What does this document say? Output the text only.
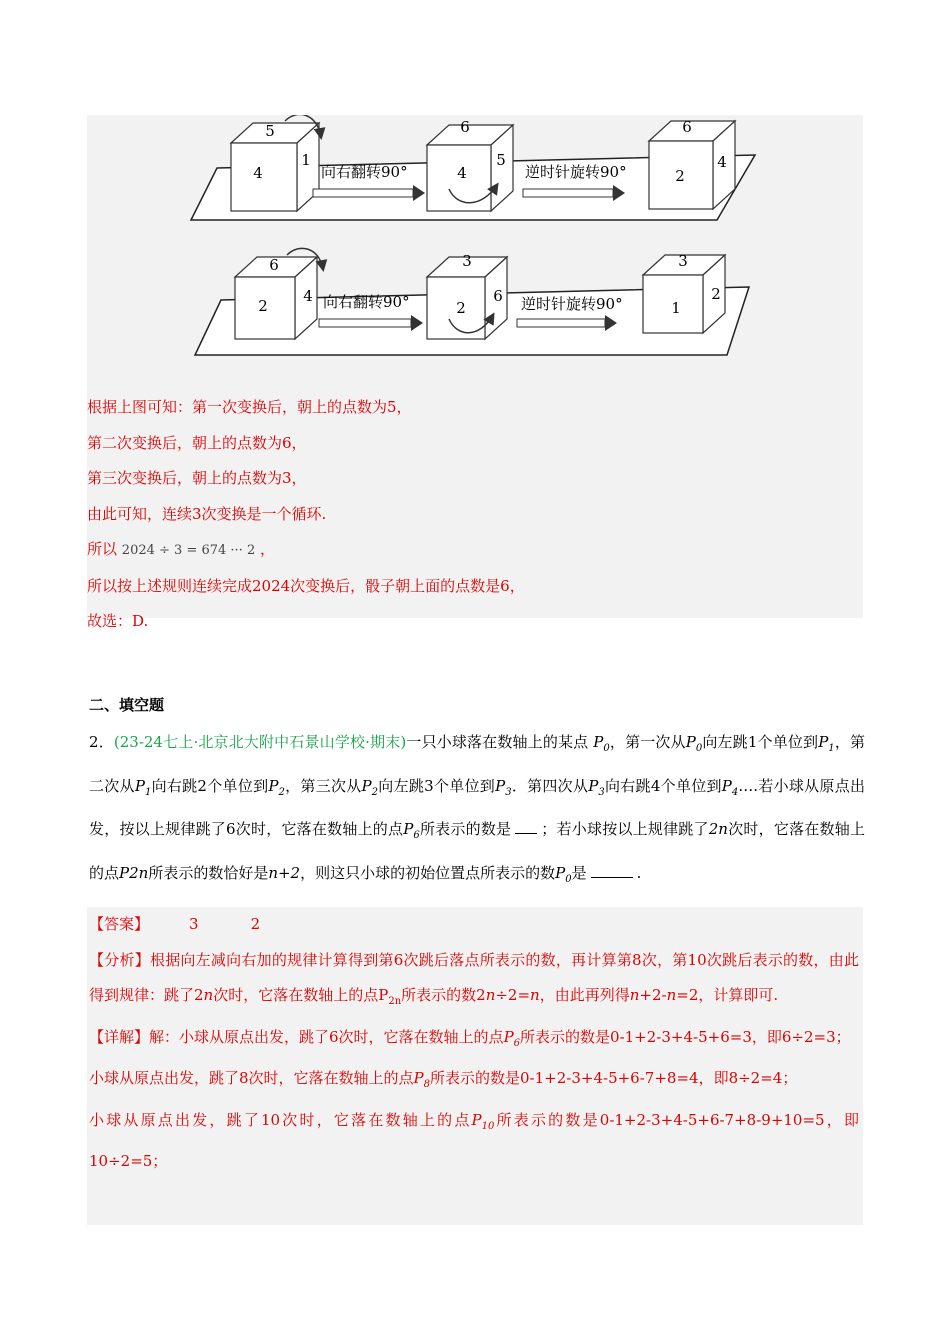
5
4
1
向右翻转90°
6
4
5
逆时针旋转90°
6
2
4
6
2
4 向右翻转90°
3
2
6 逆时针旋转90°
3
1
2
根据上图可知：第一次变换后，朝上的点数为5，
第二次变换后，朝上的点数为6，
第三次变换后，朝上的点数为3，
由此可知，连续3次变换是一个循环.
所以 2024 ÷ 3 = 674 ··· 2 ，
所以按上述规则连续完成2024次变换后，骰子朝上面的点数是6，
故选：D.
二、填空题
2．(23-24七上·北京北大附中石景山学校·期末)一只小球落在数轴上的某点 $P_0$，第一次从$P_0$向左跳1个单位到$P_1$，第二次从$P_1$向右跳2个单位到$P_2$，第三次从$P_2$向左跳3个单位到$P_3$．第四次从$P_3$向右跳4个单位到$P_4\dots$.若小球从原点出发，按以上规律跳了6次时，它落在数轴上的点$P_6$所表示的数是 ；若小球按以上规律跳了2n次时，它落在数轴上的点P2n所表示的数恰好是n+2，则这只小球的初始位置点所表示的数$P_0$是	.
【答案】	3	2
【分析】根据向左减向右加的规律计算得到第6次跳后落点所表示的数，再计算第8次，第10次跳后表示的数，由此得到规律：跳了2n次时，它落在数轴上的点$P_{2n}$所表示的数2n÷2=n，由此再列得n+2-n=2，计算即可.
【详解】解：小球从原点出发，跳了6次时，它落在数轴上的点$P_6$所表示的数是0-1+2-3+4-5+6=3，即6÷2=3；
小球从原点出发，跳了8次时，它落在数轴上的点$P_8$所表示的数是0-1+2-3+4-5+6-7+8=4，即8÷2=4；
小球从原点出发，跳了10次时，它落在数轴上的点$P_{10}$所表示的数是0-1+2-3+4-5+6-7+8-9+10=5，即10÷2=5；
